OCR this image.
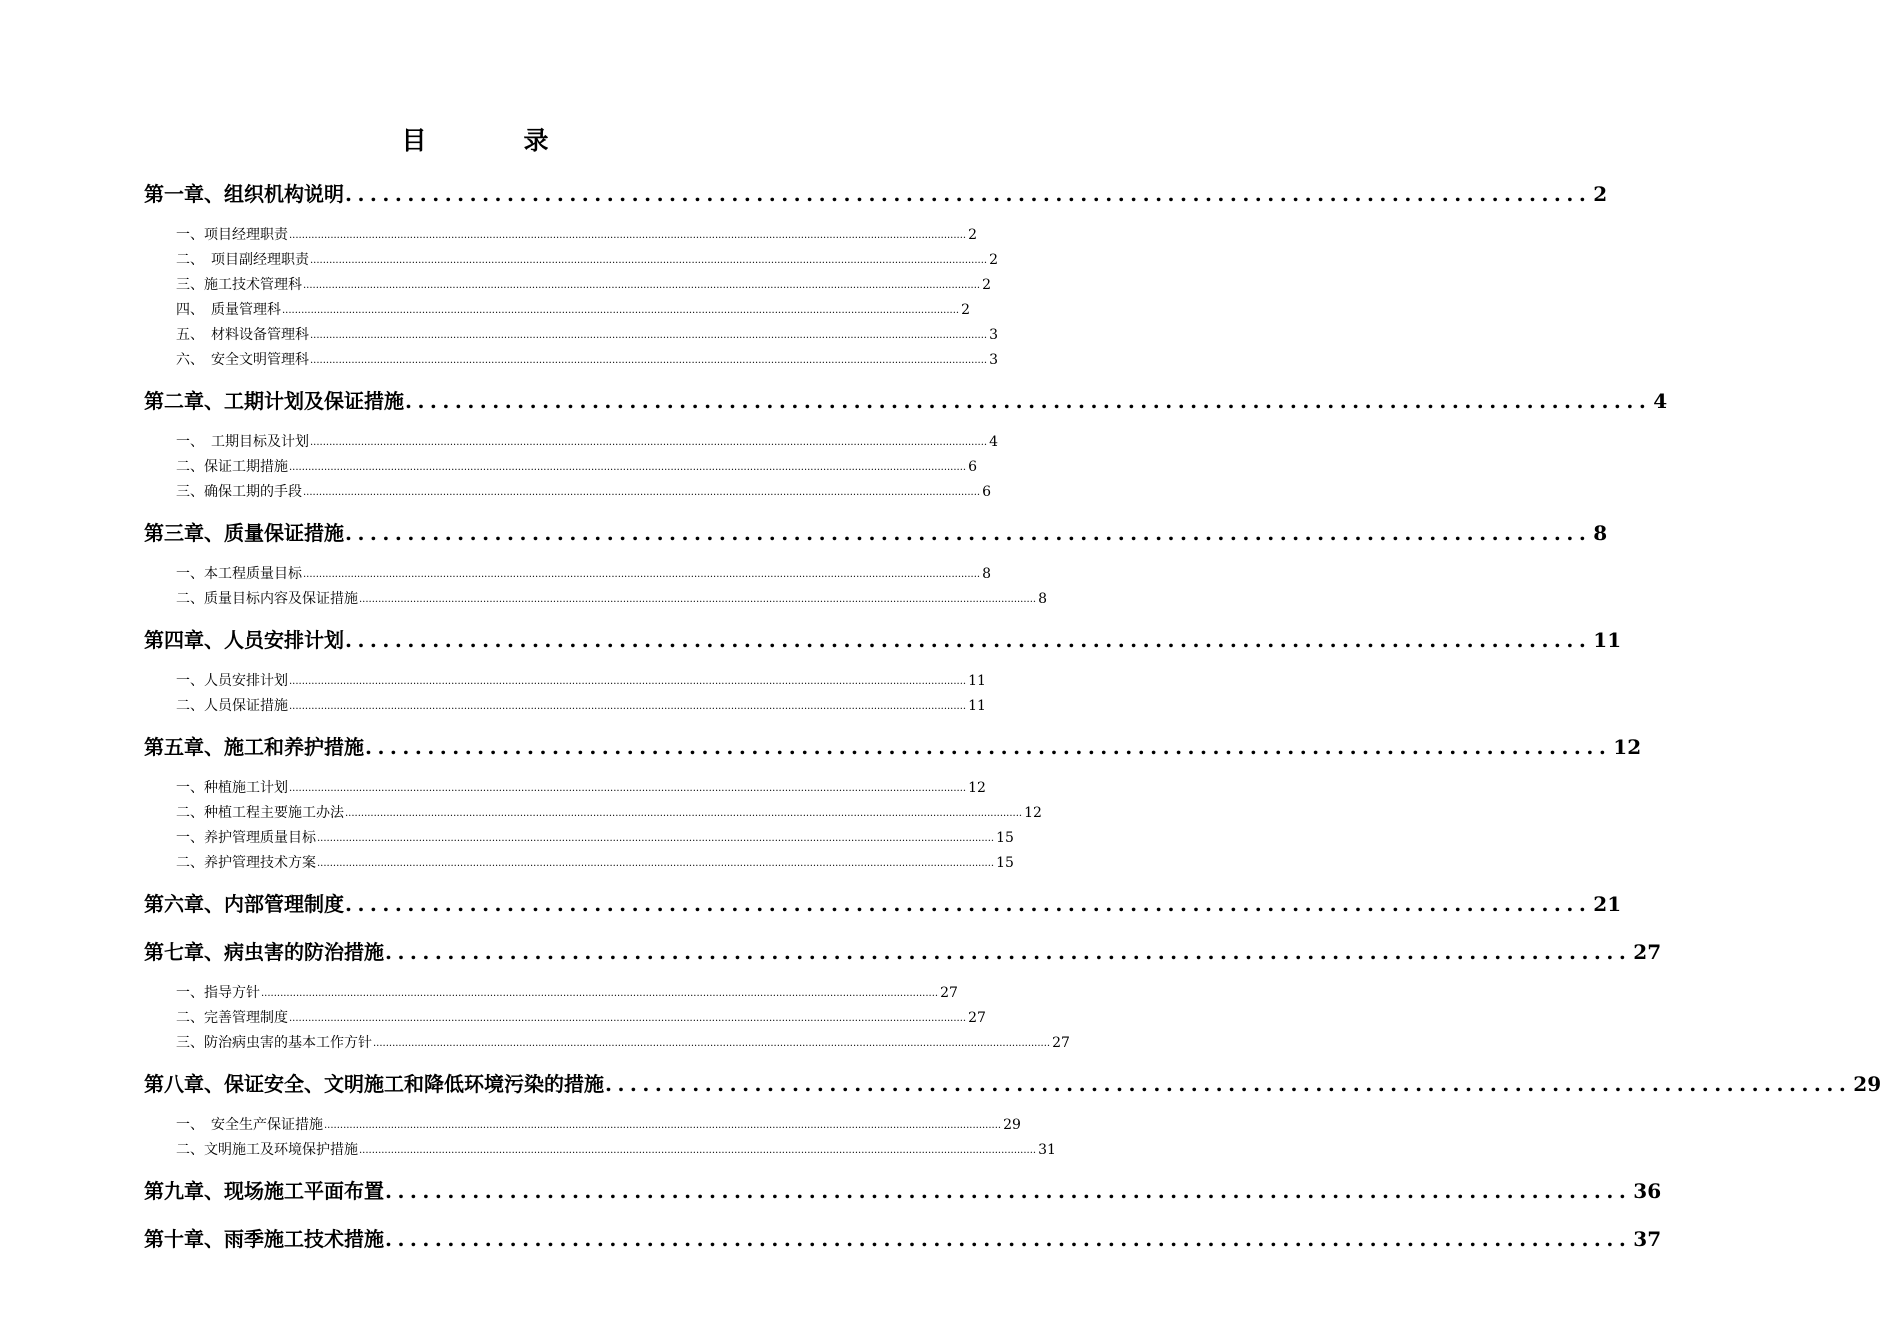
目　录
第一章、组织机构说明 .................................................................................................... 2
一、项目经理职责 ..................................................................................................................................................................................................................... 2
二、　项目副经理职责 ..................................................................................................................................................................................................................... 2
三、施工技术管理科 ..................................................................................................................................................................................................................... 2
四、　质量管理科 ..................................................................................................................................................................................................................... 2
五、　材料设备管理科 ..................................................................................................................................................................................................................... 3
六、　安全文明管理科 ..................................................................................................................................................................................................................... 3
第二章、工期计划及保证措施 .................................................................................................... 4
一、　工期目标及计划 ..................................................................................................................................................................................................................... 4
二、保证工期措施 ..................................................................................................................................................................................................................... 6
三、确保工期的手段 ..................................................................................................................................................................................................................... 6
第三章、质量保证措施 .................................................................................................... 8
一、本工程质量目标 ..................................................................................................................................................................................................................... 8
二、质量目标内容及保证措施 ..................................................................................................................................................................................................................... 8
第四章、人员安排计划 .................................................................................................... 11
一、人员安排计划 ..................................................................................................................................................................................................................... 11
二、人员保证措施 ..................................................................................................................................................................................................................... 11
第五章、施工和养护措施 .................................................................................................... 12
一、种植施工计划 ..................................................................................................................................................................................................................... 12
二、种植工程主要施工办法 ..................................................................................................................................................................................................................... 12
一、养护管理质量目标 ..................................................................................................................................................................................................................... 15
二、养护管理技术方案 ..................................................................................................................................................................................................................... 15
第六章、内部管理制度 .................................................................................................... 21
第七章、病虫害的防治措施 .................................................................................................... 27
一、指导方针 ..................................................................................................................................................................................................................... 27
二、完善管理制度 ..................................................................................................................................................................................................................... 27
三、防治病虫害的基本工作方针 ..................................................................................................................................................................................................................... 27
第八章、保证安全、文明施工和降低环境污染的措施 .................................................................................................... 29
一、　安全生产保证措施 ..................................................................................................................................................................................................................... 29
二、文明施工及环境保护措施 ..................................................................................................................................................................................................................... 31
第九章、现场施工平面布置 .................................................................................................... 36
第十章、雨季施工技术措施 .................................................................................................... 37
